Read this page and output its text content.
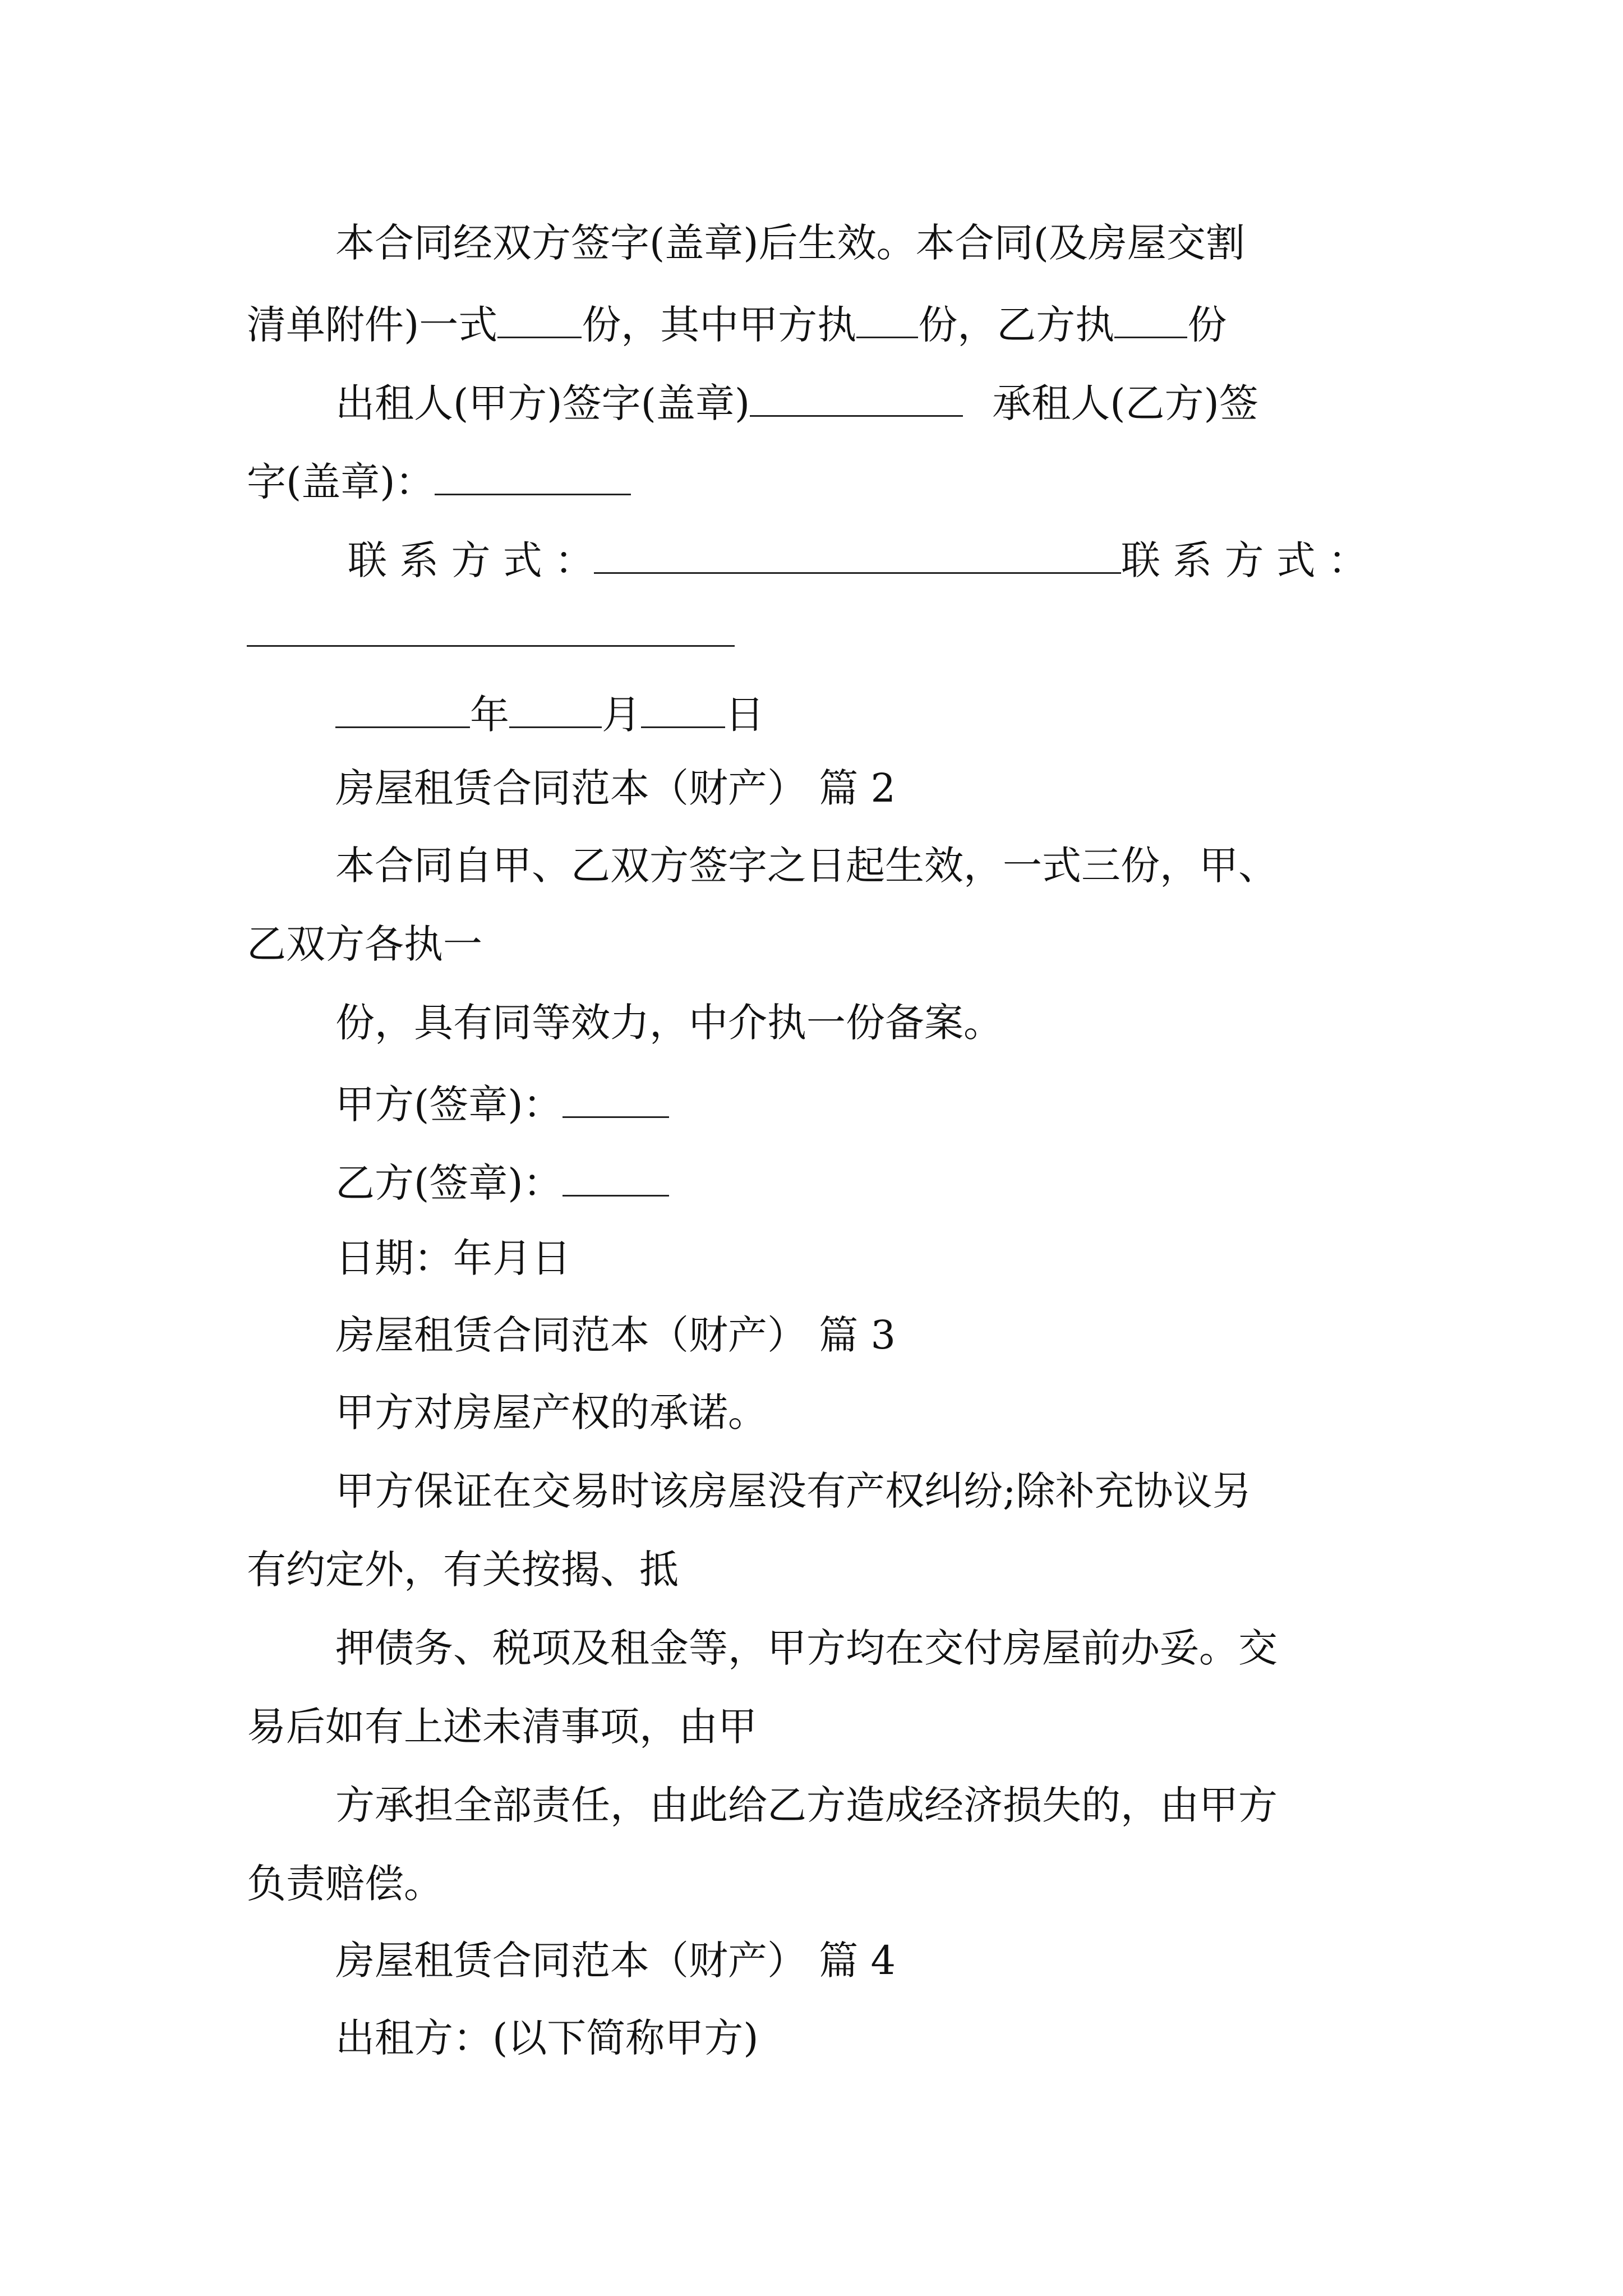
本合同经双方签字(盖章)后生效。本合同(及房屋交割
清单附件)一式 份，其中甲方执 份，乙方执 份
出租人(甲方)签字(盖章)	承租人(乙方)签
字(盖章)：
联 系 方 式 ：	联 系 方 式 ：
年 月 日
房屋租赁合同范本（财产） 篇 2
本合同自甲、乙双方签字之日起生效，一式三份，甲、
乙双方各执一
份，具有同等效力，中介执一份备案。
甲方(签章)：
乙方(签章)：
日期：年月日
房屋租赁合同范本（财产） 篇 3
甲方对房屋产权的承诺。
甲方保证在交易时该房屋没有产权纠纷;除补充协议另
有约定外，有关按揭、抵
押债务、税项及租金等，甲方均在交付房屋前办妥。交
易后如有上述未清事项，由甲
方承担全部责任，由此给乙方造成经济损失的，由甲方
负责赔偿。
房屋租赁合同范本（财产） 篇 4
出租方：(以下简称甲方)
